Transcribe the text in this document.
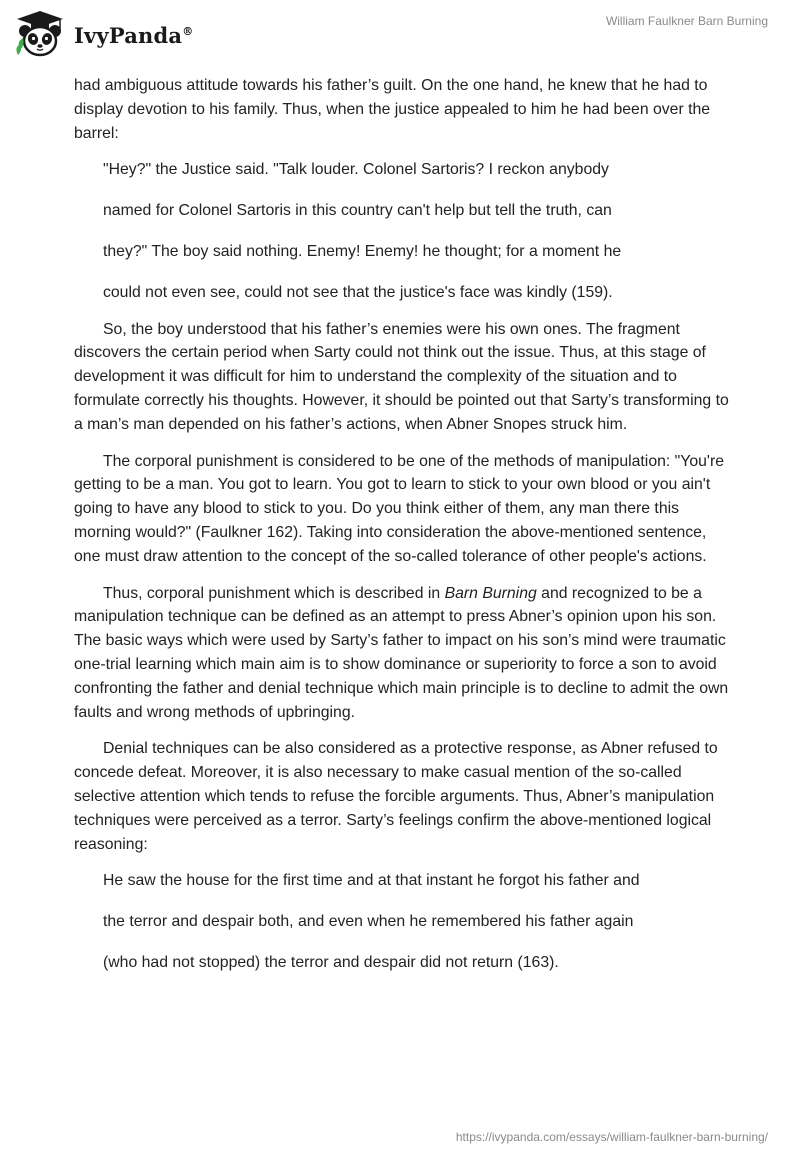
IvyPanda®
William Faulkner Barn Burning

had ambiguous attitude towards his father’s guilt. On the one hand, he knew that he had to display devotion to his family. Thus, when the justice appealed to him he had been over the barrel:

"Hey?" the Justice said. "Talk louder. Colonel Sartoris? I reckon anybody

named for Colonel Sartoris in this country can't help but tell the truth, can

they?" The boy said nothing. Enemy! Enemy! he thought; for a moment he

could not even see, could not see that the justice's face was kindly (159).

So, the boy understood that his father’s enemies were his own ones. The fragment discovers the certain period when Sarty could not think out the issue. Thus, at this stage of development it was difficult for him to understand the complexity of the situation and to formulate correctly his thoughts. However, it should be pointed out that Sarty’s transforming to a man’s man depended on his father’s actions, when Abner Snopes struck him.

The corporal punishment is considered to be one of the methods of manipulation: "You're getting to be a man. You got to learn. You got to learn to stick to your own blood or you ain't going to have any blood to stick to you. Do you think either of them, any man there this morning would?" (Faulkner 162). Taking into consideration the above-mentioned sentence, one must draw attention to the concept of the so-called tolerance of other people's actions.

Thus, corporal punishment which is described in Barn Burning and recognized to be a manipulation technique can be defined as an attempt to press Abner’s opinion upon his son. The basic ways which were used by Sarty’s father to impact on his son’s mind were traumatic one-trial learning which main aim is to show dominance or superiority to force a son to avoid confronting the father and denial technique which main principle is to decline to admit the own faults and wrong methods of upbringing.

Denial techniques can be also considered as a protective response, as Abner refused to concede defeat. Moreover, it is also necessary to make casual mention of the so-called selective attention which tends to refuse the forcible arguments. Thus, Abner’s manipulation techniques were perceived as a terror. Sarty’s feelings confirm the above-mentioned logical reasoning:

He saw the house for the first time and at that instant he forgot his father and

the terror and despair both, and even when he remembered his father again

(who had not stopped) the terror and despair did not return (163).

https://ivypanda.com/essays/william-faulkner-barn-burning/
